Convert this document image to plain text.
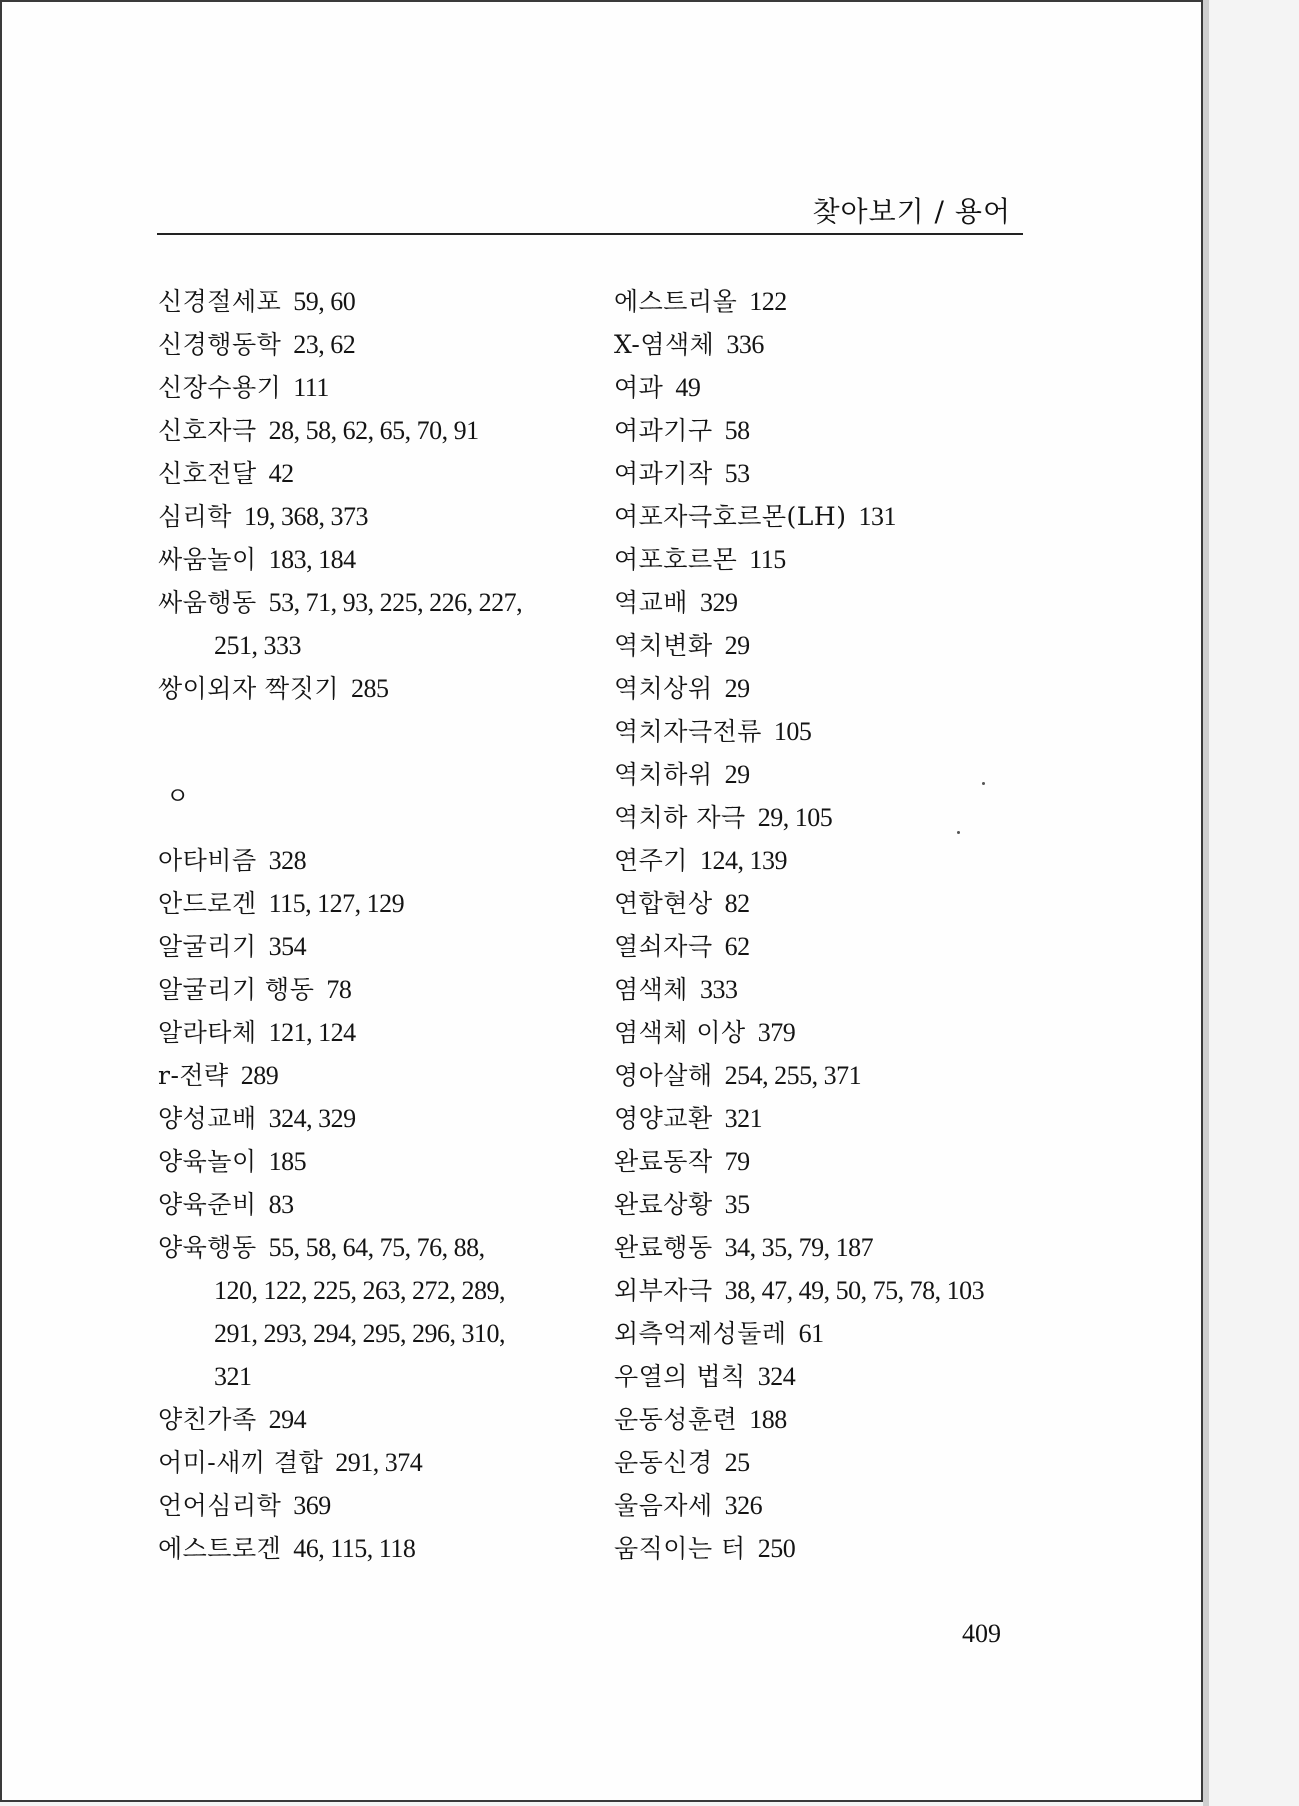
찾아보기 / 용어
신경절세포 59, 60
신경행동학 23, 62
신장수용기 111
신호자극 28, 58, 62, 65, 70, 91
신호전달 42
심리학 19, 368, 373
싸움놀이 183, 184
싸움행동 53, 71, 93, 225, 226, 227,
251, 333
쌍이외자 짝짓기 285
ㅇ
아타비즘 328
안드로겐 115, 127, 129
알굴리기 354
알굴리기 행동 78
알라타체 121, 124
r-전략 289
양성교배 324, 329
양육놀이 185
양육준비 83
양육행동 55, 58, 64, 75, 76, 88,
120, 122, 225, 263, 272, 289,
291, 293, 294, 295, 296, 310,
321
양친가족 294
어미-새끼 결합 291, 374
언어심리학 369
에스트로겐 46, 115, 118
에스트리올 122
X-염색체 336
여과 49
여과기구 58
여과기작 53
여포자극호르몬(LH) 131
여포호르몬 115
역교배 329
역치변화 29
역치상위 29
역치자극전류 105
역치하위 29
역치하 자극 29, 105
연주기 124, 139
연합현상 82
열쇠자극 62
염색체 333
염색체 이상 379
영아살해 254, 255, 371
영양교환 321
완료동작 79
완료상황 35
완료행동 34, 35, 79, 187
외부자극 38, 47, 49, 50, 75, 78, 103
외측억제성둘레 61
우열의 법칙 324
운동성훈련 188
운동신경 25
울음자세 326
움직이는 터 250
409
